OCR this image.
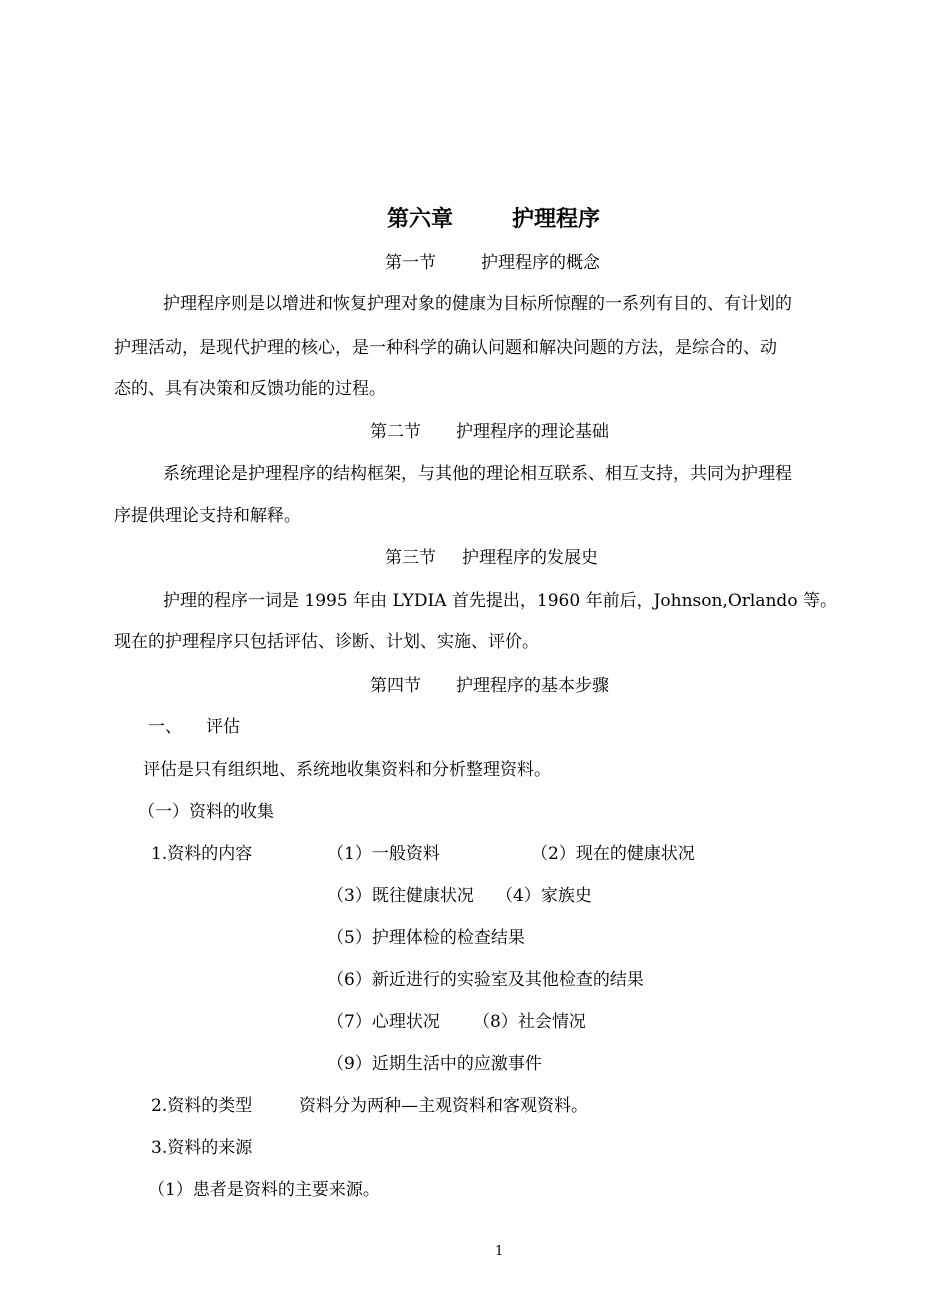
第六章	护理程序
第一节	护理程序的概念
护理程序则是以增进和恢复护理对象的健康为目标所惊醒的一系列有目的、有计划的
护理活动，是现代护理的核心，是一种科学的确认问题和解决问题的方法，是综合的、动
态的、具有决策和反馈功能的过程。
第二节 护理程序的理论基础
系统理论是护理程序的结构框架，与其他的理论相互联系、相互支持，共同为护理程
序提供理论支持和解释。
第三节 护理程序的发展史
护理的程序一词是 1995 年由 LYDIA 首先提出，1960 年前后，Johnson,Orlando 等。
现在的护理程序只包括评估、诊断、计划、实施、评价。
第四节 护理程序的基本步骤
一、 评估
评估是只有组织地、系统地收集资料和分析整理资料。
（一）资料的收集
1.资料的内容	（1）一般资料	（2）现在的健康状况
（3）既往健康状况 （4）家族史
（5）护理体检的检查结果
（6）新近进行的实验室及其他检查的结果
（7）心理状况 （8）社会情况
（9）近期生活中的应激事件
2.资料的类型	资料分为两种—主观资料和客观资料。
3.资料的来源
（1）患者是资料的主要来源。
1
